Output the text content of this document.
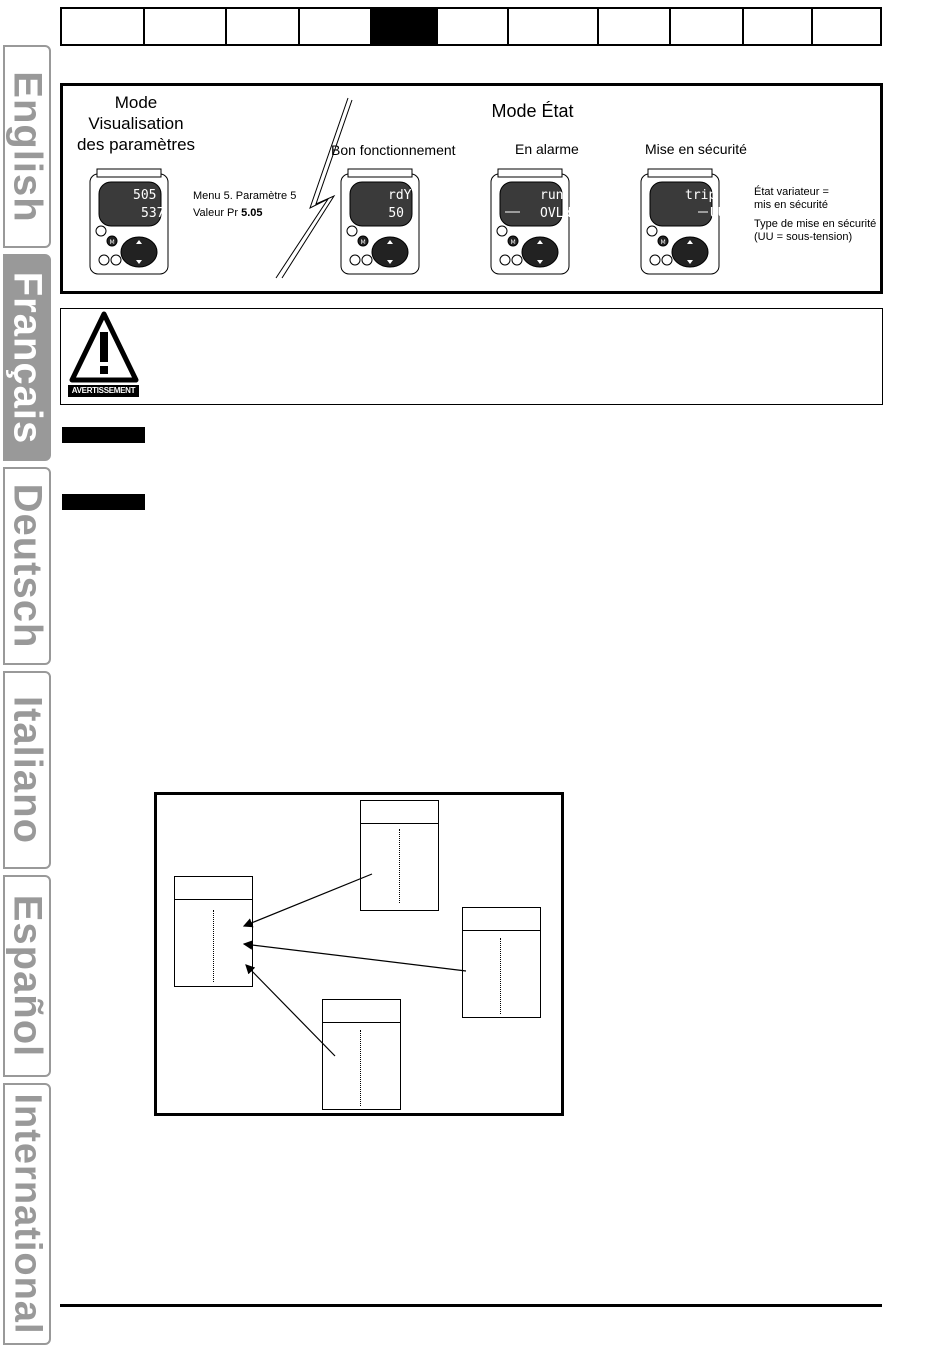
English
Français
Deutsch
Italiano
Español
International
Mode
Visualisation
des paramètres
Mode État
Bon fonctionnement	En alarme	Mise en sécurité
Menu 5. Paramètre 5
Valeur Pr 5.05
État variateur =
mis en sécurité
Type de mise en sécurité
(UU = sous-tension)
505
537
M
rdY
50
M
run
OVLd
M
trip
UU
M
AVERTISSEMENT
